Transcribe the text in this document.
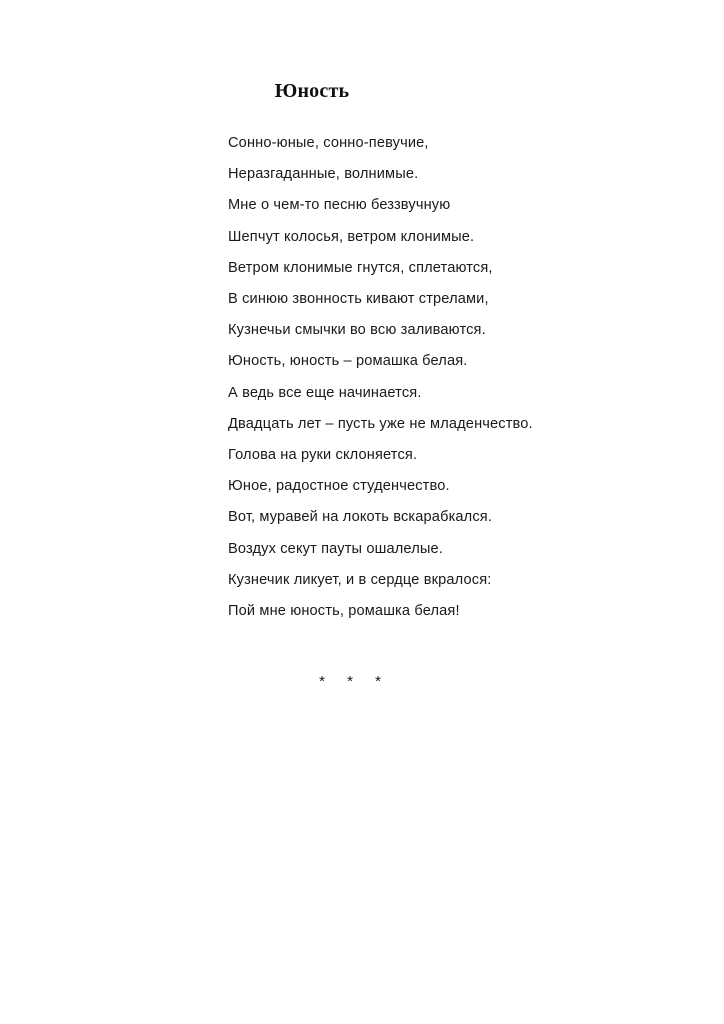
Юность
Сонно-юные, сонно-певучие,
Неразгаданные, волнимые.
Мне о чем-то песню беззвучную
Шепчут колосья, ветром клонимые.
Ветром клонимые гнутся, сплетаются,
В синюю звонность кивают стрелами,
Кузнечьи смычки во всю заливаются.
Юность, юность – ромашка белая.
А ведь все еще начинается.
Двадцать лет – пусть уже не младенчество.
Голова на руки склоняется.
Юное, радостное студенчество.
Вот, муравей на локоть вскарабкался.
Воздух секут пауты ошалелые.
Кузнечик ликует, и в сердце вкралося:
Пой мне юность, ромашка белая!
* * *
